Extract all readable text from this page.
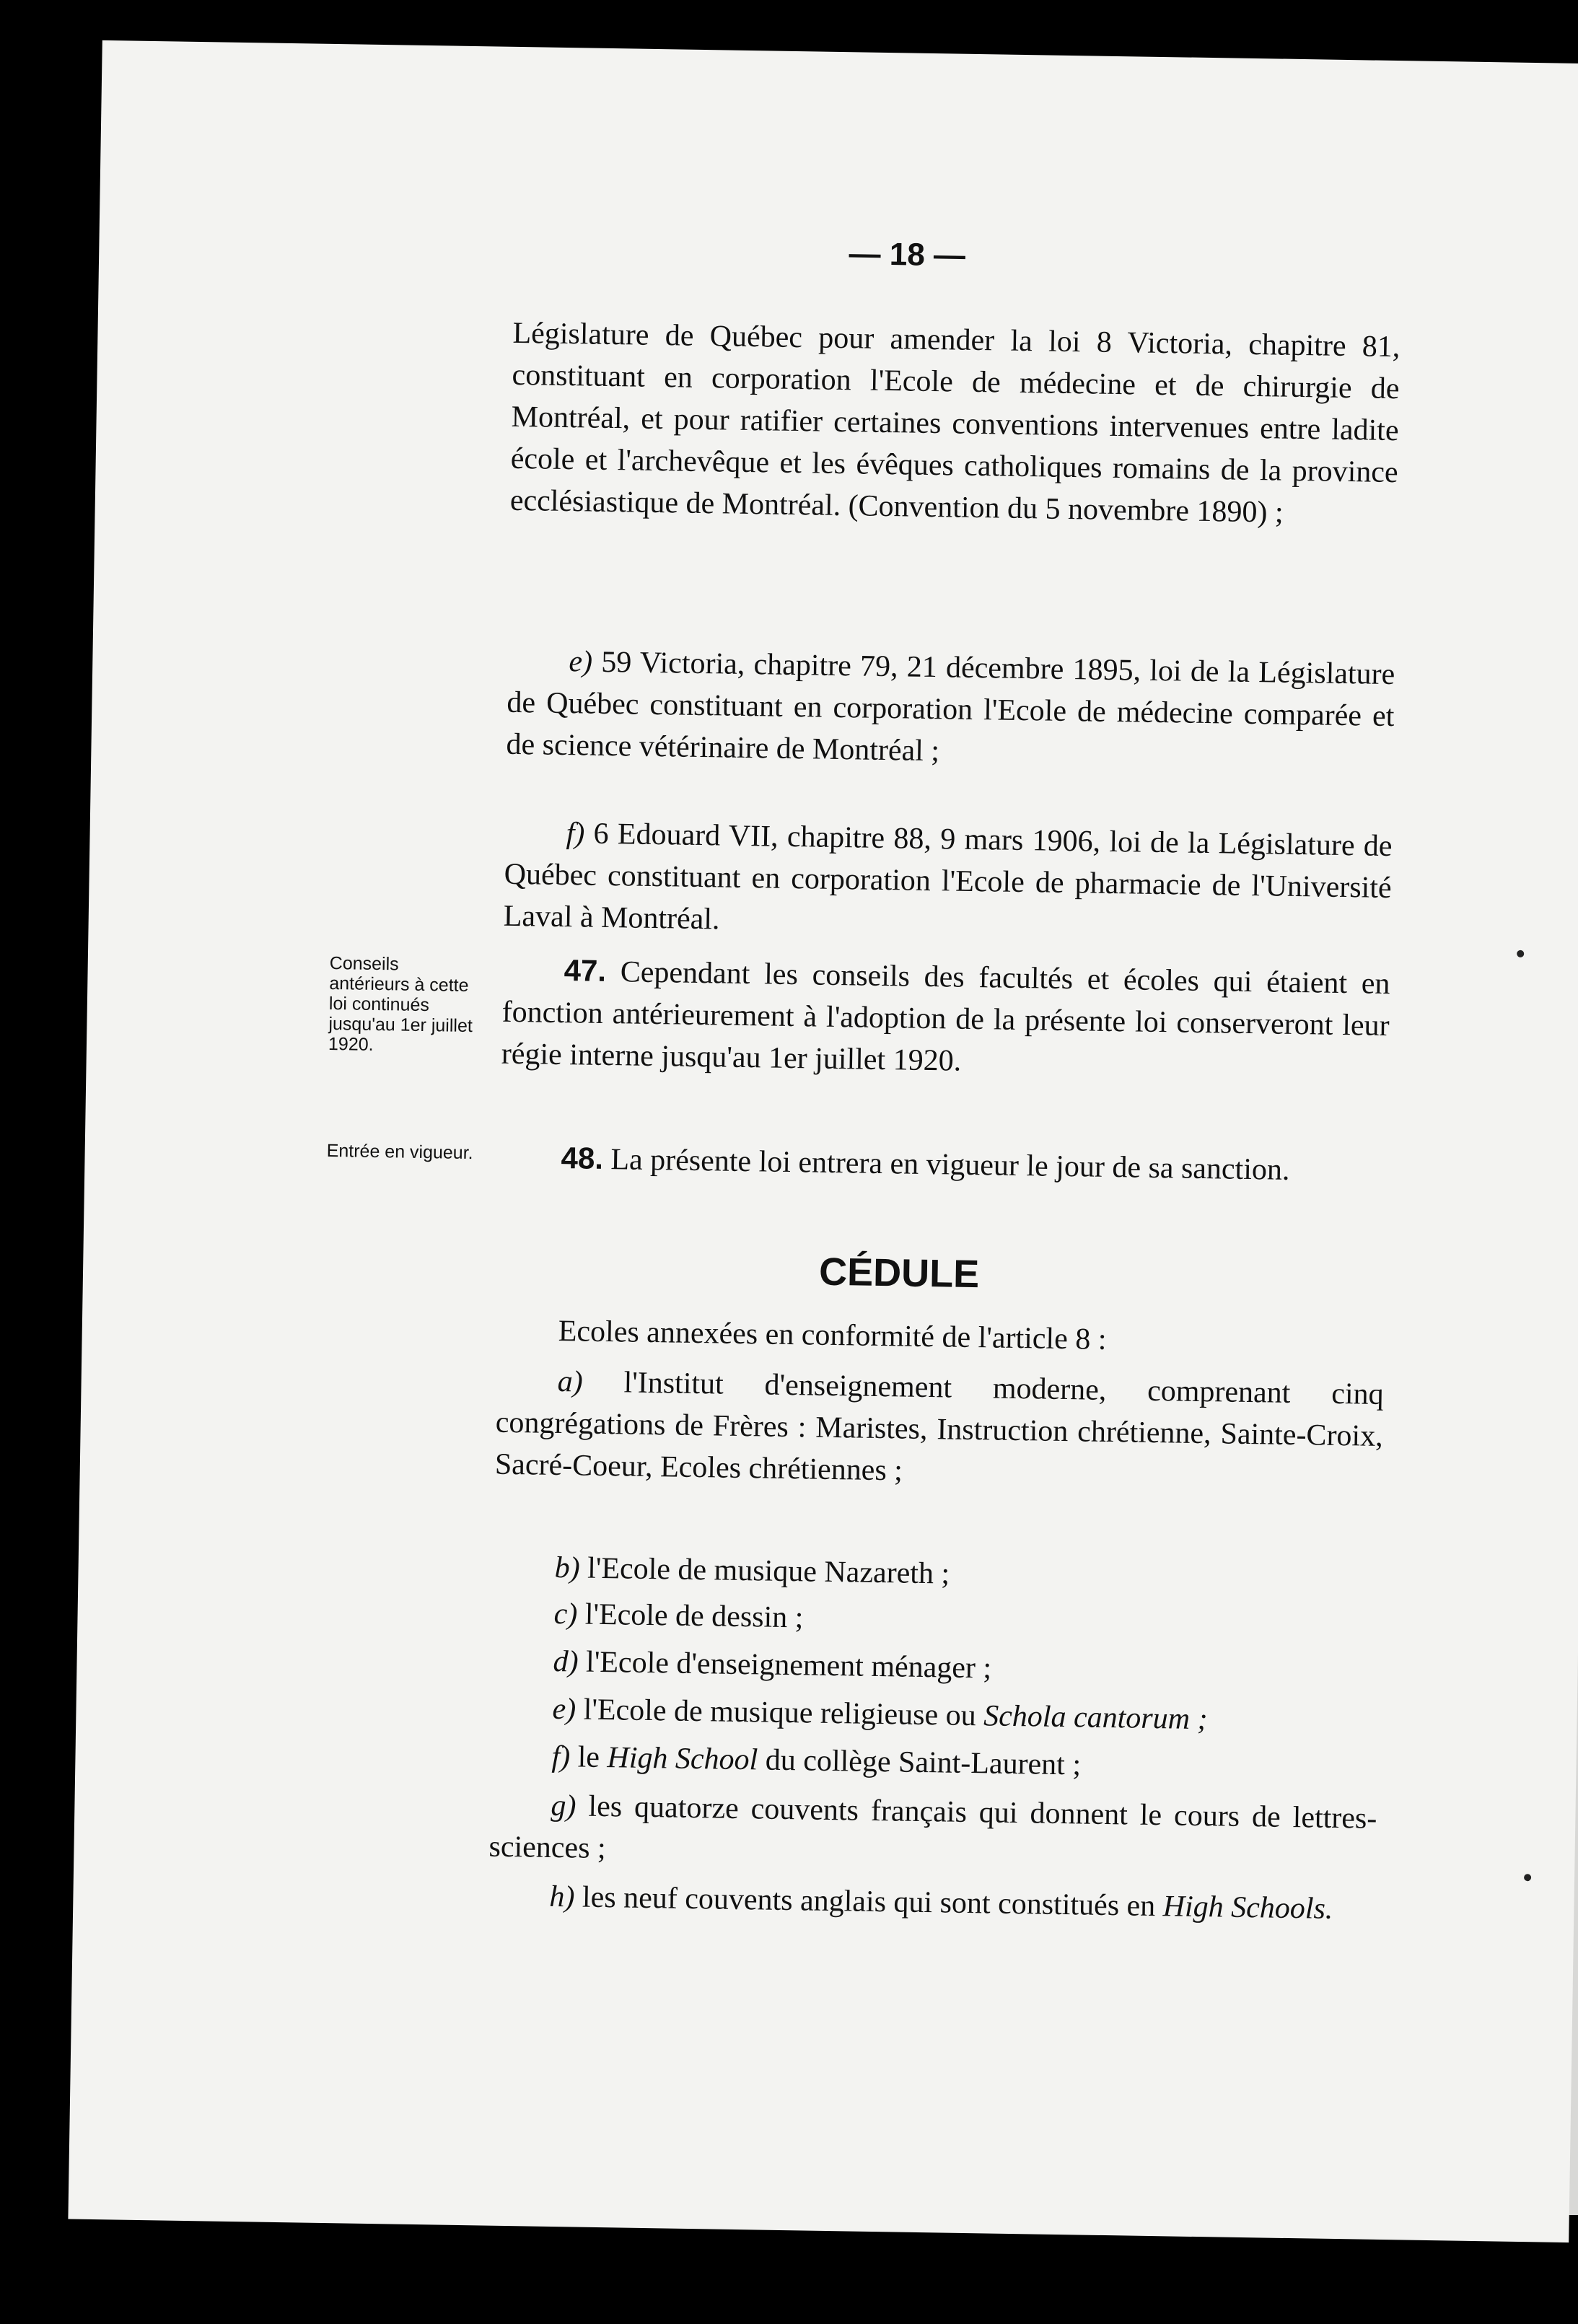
— 18 —

Législature de Québec pour amender la loi 8 Victoria, chapitre 81, constituant en corporation l'Ecole de médecine et de chirurgie de Montréal, et pour ratifier certaines conventions intervenues entre ladite école et l'archevêque et les évêques catholiques romains de la province ecclésiastique de Montréal. (Convention du 5 novembre 1890) ;

e) 59 Victoria, chapitre 79, 21 décembre 1895, loi de la Législature de Québec constituant en corporation l'Ecole de médecine comparée et de science vétérinaire de Montréal ;

f) 6 Edouard VII, chapitre 88, 9 mars 1906, loi de la Législature de Québec constituant en corporation l'Ecole de pharmacie de l'Université Laval à Montréal.

Conseils antérieurs à cette loi continués jusqu'au 1er juillet 1920.

47. Cependant les conseils des facultés et écoles qui étaient en fonction antérieurement à l'adoption de la présente loi conserveront leur régie interne jusqu'au 1er juillet 1920.

Entrée en vigueur.	48. La présente loi entrera en vigueur le jour de sa sanction.

CÉDULE

Ecoles annexées en conformité de l'article 8 :

a) l'Institut d'enseignement moderne, comprenant cinq congrégations de Frères : Maristes, Instruction chrétienne, Sainte-Croix, Sacré-Coeur, Ecoles chrétiennes ;

b) l'Ecole de musique Nazareth ;

c) l'Ecole de dessin ;

d) l'Ecole d'enseignement ménager ;

e) l'Ecole de musique religieuse ou Schola cantorum ;

f) le High School du collège Saint-Laurent ;

g) les quatorze couvents français qui donnent le cours de lettres-sciences ;

h) les neuf couvents anglais qui sont constitués en High Schools.
